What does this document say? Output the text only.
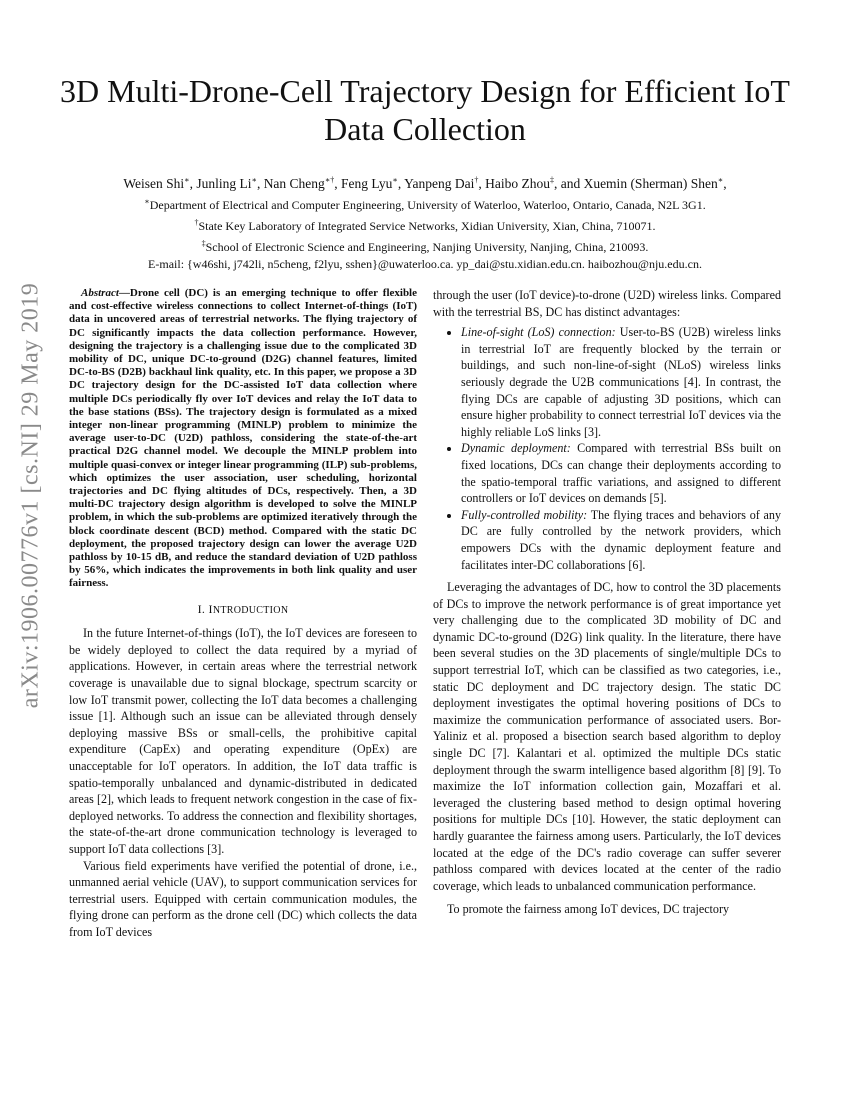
arXiv:1906.00776v1 [cs.NI] 29 May 2019
3D Multi-Drone-Cell Trajectory Design for Efficient IoT Data Collection
Weisen Shi∗, Junling Li∗, Nan Cheng∗†, Feng Lyu∗, Yanpeng Dai†, Haibo Zhou‡, and Xuemin (Sherman) Shen∗,
∗Department of Electrical and Computer Engineering, University of Waterloo, Waterloo, Ontario, Canada, N2L 3G1.
†State Key Laboratory of Integrated Service Networks, Xidian University, Xian, China, 710071.
‡School of Electronic Science and Engineering, Nanjing University, Nanjing, China, 210093.
E-mail: {w46shi, j742li, n5cheng, f2lyu, sshen}@uwaterloo.ca. yp_dai@stu.xidian.edu.cn. haibozhou@nju.edu.cn.

Abstract—Drone cell (DC) is an emerging technique to offer flexible and cost-effective wireless connections to collect Internet-of-things (IoT) data in uncovered areas of terrestrial networks. The flying trajectory of DC significantly impacts the data collection performance. However, designing the trajectory is a challenging issue due to the complicated 3D mobility of DC, unique DC-to-ground (D2G) channel features, limited DC-to-BS (D2B) backhaul link quality, etc. In this paper, we propose a 3D DC trajectory design for the DC-assisted IoT data collection where multiple DCs periodically fly over IoT devices and relay the IoT data to the base stations (BSs). The trajectory design is formulated as a mixed integer non-linear programming (MINLP) problem to minimize the average user-to-DC (U2D) pathloss, considering the state-of-the-art practical D2G channel model. We decouple the MINLP problem into multiple quasi-convex or integer linear programming (ILP) sub-problems, which optimizes the user association, user scheduling, horizontal trajectories and DC flying altitudes of DCs, respectively. Then, a 3D multi-DC trajectory design algorithm is developed to solve the MINLP problem, in which the sub-problems are optimized iteratively through the block coordinate descent (BCD) method. Compared with the static DC deployment, the proposed trajectory design can lower the average U2D pathloss by 10-15 dB, and reduce the standard deviation of U2D pathloss by 56%, which indicates the improvements in both link quality and user fairness.

I. INTRODUCTION

In the future Internet-of-things (IoT), the IoT devices are foreseen to be widely deployed to collect the data required by a myriad of applications. However, in certain areas where the terrestrial network coverage is unavailable due to signal blockage, spectrum scarcity or low IoT transmit power, collecting the IoT data becomes a challenging issue [1]. Although such an issue can be alleviated through densely deploying massive BSs or small-cells, the prohibitive capital expenditure (CapEx) and operating expenditure (OpEx) are unacceptable for IoT operators. In addition, the IoT data traffic is spatio-temporally unbalanced and dynamic-distributed in dedicated areas [2], which leads to frequent network congestion in the case of fix-deployed networks. To address the connection and flexibility shortages, the state-of-the-art drone communication technology is leveraged to support IoT data collections [3].

Various field experiments have verified the potential of drone, i.e., unmanned aerial vehicle (UAV), to support communication services for terrestrial users. Equipped with certain communication modules, the flying drone can perform as the drone cell (DC) which collects the data from IoT devices

through the user (IoT device)-to-drone (U2D) wireless links. Compared with the terrestrial BS, DC has distinct advantages:

• Line-of-sight (LoS) connection: User-to-BS (U2B) wireless links in terrestrial IoT are frequently blocked by the terrain or buildings, and such non-line-of-sight (NLoS) wireless links seriously degrade the U2B communications [4]. In contrast, the flying DCs are capable of adjusting 3D positions, which can ensure higher probability to connect terrestrial IoT devices via the highly reliable LoS links [3].
• Dynamic deployment: Compared with terrestrial BSs built on fixed locations, DCs can change their deployments according to the spatio-temporal traffic variations, and assigned to different controllers or IoT devices on demands [5].
• Fully-controlled mobility: The flying traces and behaviors of any DC are fully controlled by the network providers, which empowers DCs with the dynamic deployment feature and facilitates inter-DC collaborations [6].

Leveraging the advantages of DC, how to control the 3D placements of DCs to improve the network performance is of great importance yet very challenging due to the complicated 3D mobility of DC and dynamic DC-to-ground (D2G) link quality. In the literature, there have been several studies on the 3D placements of single/multiple DCs to support terrestrial IoT, which can be classified as two categories, i.e., static DC deployment and DC trajectory design. The static DC deployment investigates the optimal hovering positions of DCs to maximize the communication performance of associated users. Bor-Yaliniz et al. proposed a bisection search based algorithm to deploy single DC [7]. Kalantari et al. optimized the multiple DCs static deployment through the swarm intelligence based algorithm [8] [9]. To maximize the IoT information collection gain, Mozaffari et al. leveraged the clustering based method to design optimal hovering positions for multiple DCs [10]. However, the static deployment can hardly guarantee the fairness among users. Particularly, the IoT devices located at the edge of the DC's radio coverage can suffer severer pathloss compared with devices located at the center of the radio coverage, which leads to unbalanced communication performance.

To promote the fairness among IoT devices, DC trajectory
